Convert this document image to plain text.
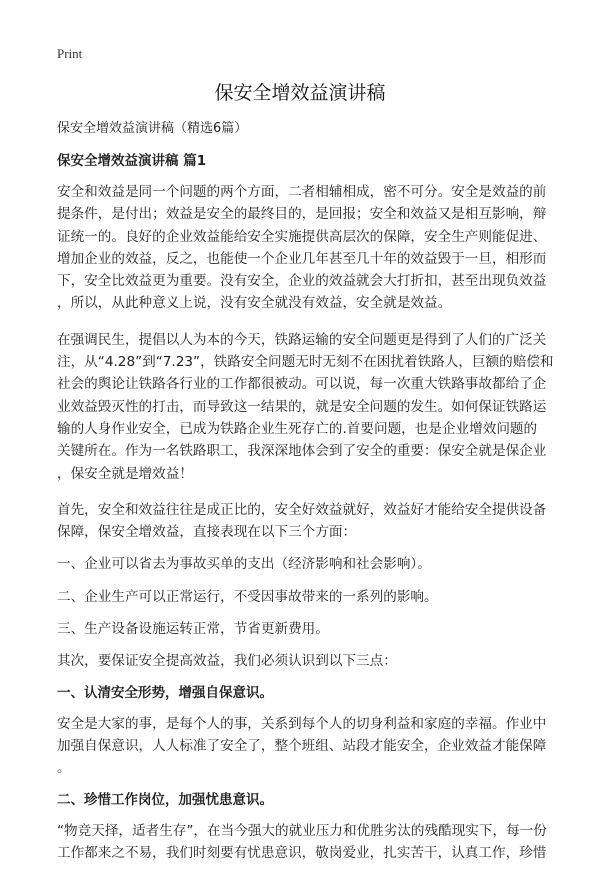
Print
保安全增效益演讲稿
保安全增效益演讲稿（精选6篇）
保安全增效益演讲稿 篇1
安全和效益是同一个问题的两个方面，二者相辅相成，密不可分。安全是效益的前
提条件，是付出；效益是安全的最终目的，是回报；安全和效益又是相互影响，辩
证统一的。良好的企业效益能给安全实施提供高层次的保障，安全生产则能促进、
增加企业的效益，反之，也能使一个企业几年甚至几十年的效益毁于一旦，相形而
下，安全比效益更为重要。没有安全，企业的效益就会大打折扣，甚至出现负效益
，所以，从此种意义上说，没有安全就没有效益，安全就是效益。
在强调民生，提倡以人为本的今天，铁路运输的安全问题更是得到了人们的广泛关
注，从“4.28”到“7.23”，铁路安全问题无时无刻不在困扰着铁路人，巨额的赔偿和
社会的舆论让铁路各行业的工作都很被动。可以说，每一次重大铁路事故都给了企
业效益毁灭性的打击，而导致这一结果的，就是安全问题的发生。如何保证铁路运
输的人身作业安全，已成为铁路企业生死存亡的.首要问题，也是企业增效问题的
关键所在。作为一名铁路职工，我深深地体会到了安全的重要：保安全就是保企业
，保安全就是增效益！
首先，安全和效益往往是成正比的，安全好效益就好，效益好才能给安全提供设备
保障，保安全增效益，直接表现在以下三个方面：
一、企业可以省去为事故买单的支出（经济影响和社会影响）。
二、企业生产可以正常运行，不受因事故带来的一系列的影响。
三、生产设备设施运转正常，节省更新费用。
其次，要保证安全提高效益，我们必须认识到以下三点：
一、认清安全形势，增强自保意识。
安全是大家的事，是每个人的事，关系到每个人的切身利益和家庭的幸福。作业中
加强自保意识，人人标准了安全了，整个班组、站段才能安全，企业效益才能保障
。
二、珍惜工作岗位，加强忧患意识。
“物竞天择，适者生存”，在当今强大的就业压力和优胜劣汰的残酷现实下，每一份
工作都来之不易，我们时刻要有忧患意识，敬岗爱业，扎实苦干，认真工作，珍惜
